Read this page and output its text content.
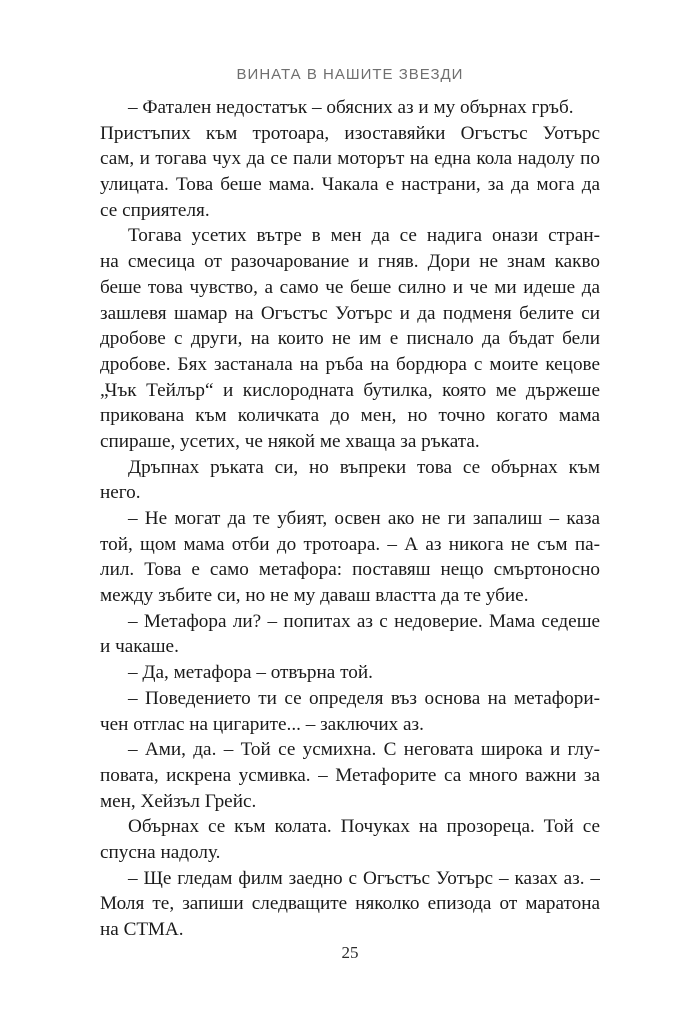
ВИНАТА В НАШИТЕ ЗВЕЗДИ
– Фатален недостатък – обясних аз и му обърнах гръб.
Пристъпих към тротоара, изоставяйки Огъстъс Уотърс
сам, и тогава чух да се пали моторът на една кола надолу по
улицата. Това беше мама. Чакала е настрани, за да мога да
се сприятеля.
Тогава усетих вътре в мен да се надига онази стран-
на смесица от разочарование и гняв. Дори не знам какво
беше това чувство, а само че беше силно и че ми идеше да
зашлевя шамар на Огъстъс Уотърс и да подменя белите си
дробове с други, на които не им е писнало да бъдат бели
дробове. Бях застанала на ръба на бордюра с моите кецове
„Чък Тейлър“ и кислородната бутилка, която ме държеше
прикована към количката до мен, но точно когато мама
спираше, усетих, че някой ме хваща за ръката.
Дръпнах ръката си, но въпреки това се обърнах към
него.
– Не могат да те убият, освен ако не ги запалиш – каза
той, щом мама отби до тротоара. – А аз никога не съм па-
лил. Това е само метафора: поставяш нещо смъртоносно
между зъбите си, но не му даваш властта да те убие.
– Метафора ли? – попитах аз с недоверие. Мама седеше
и чакаше.
– Да, метафора – отвърна той.
– Поведението ти се определя въз основа на метафори-
чен отглас на цигарите... – заключих аз.
– Ами, да. – Той се усмихна. С неговата широка и глу-
повата, искрена усмивка. – Метафорите са много важни за
мен, Хейзъл Грейс.
Обърнах се към колата. Почуках на прозореца. Той се
спусна надолу.
– Ще гледам филм заедно с Огъстъс Уотърс – казах аз. –
Моля те, запиши следващите няколко епизода от маратона
на СТМА.
25
